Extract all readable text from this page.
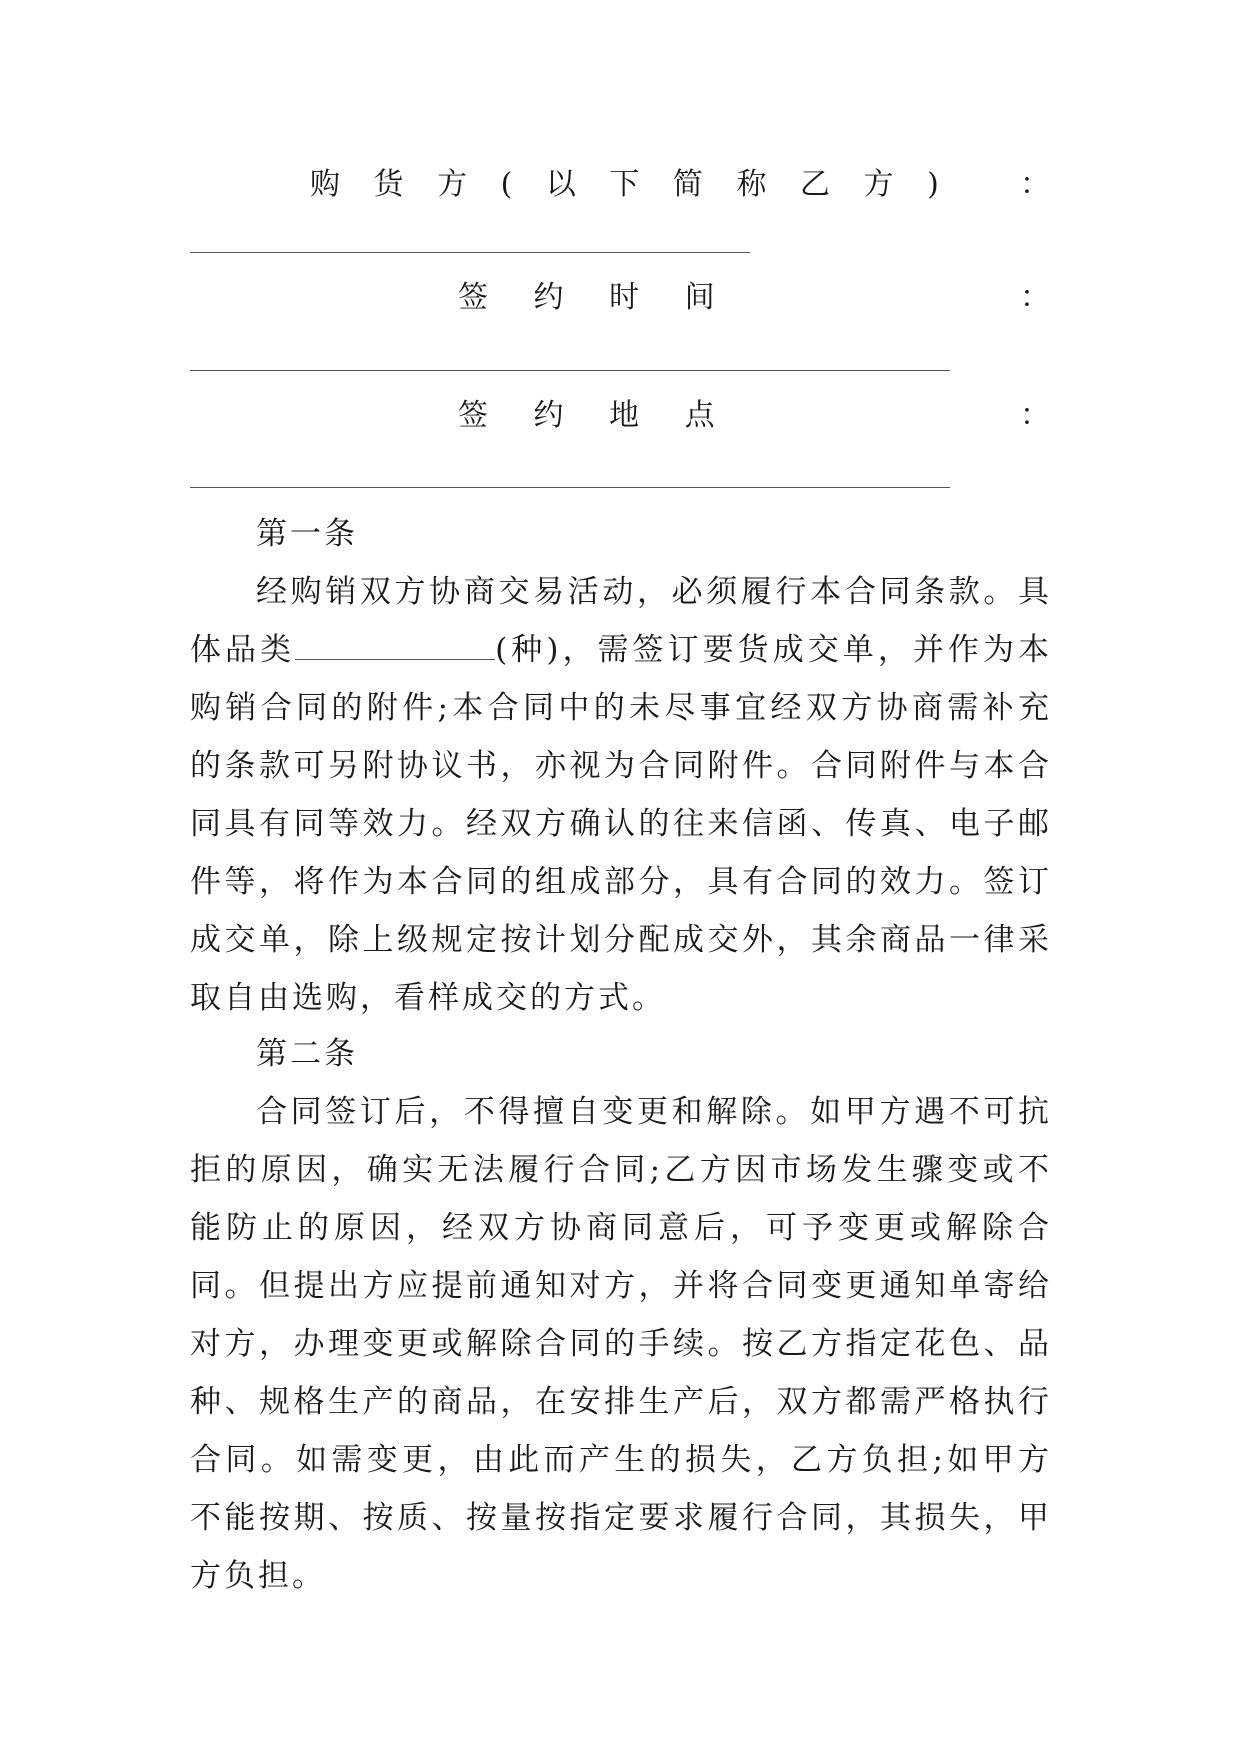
购 货 方 ( 以 下 简 称 乙 方 ) ：
签 约 时 间	：
签 约 地 点	：

第一条

经购销双方协商交易活动，必须履行本合同条款。具体品类	(种)，需签订要货成交单，并作为本购销合同的附件;本合同中的未尽事宜经双方协商需补充的条款可另附协议书，亦视为合同附件。合同附件与本合同具有同等效力。经双方确认的往来信函、传真、电子邮件等，将作为本合同的组成部分，具有合同的效力。签订成交单，除上级规定按计划分配成交外，其余商品一律采取自由选购，看样成交的方式。

第二条

合同签订后，不得擅自变更和解除。如甲方遇不可抗拒的原因，确实无法履行合同;乙方因市场发生骤变或不能防止的原因，经双方协商同意后，可予变更或解除合同。但提出方应提前通知对方，并将合同变更通知单寄给对方，办理变更或解除合同的手续。按乙方指定花色、品种、规格生产的商品，在安排生产后，双方都需严格执行合同。如需变更，由此而产生的损失，乙方负担;如甲方不能按期、按质、按量按指定要求履行合同，其损失，甲方负担。
